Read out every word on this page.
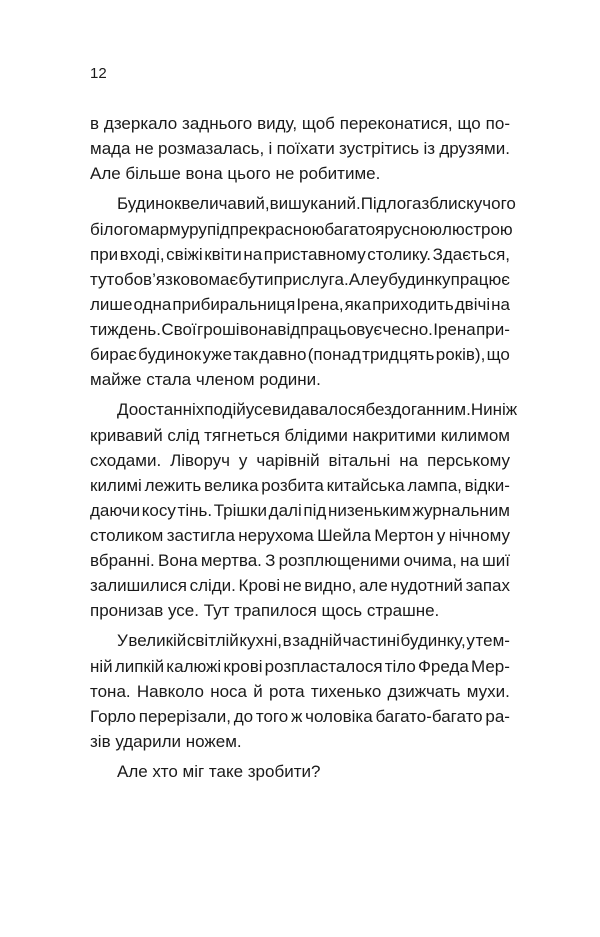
12
в дзеркало заднього виду, щоб переконатися, що по-
мада не розмазалась, і поїхати зустрітись із друзями.
Але більше вона цього не робитиме.
Будинок величавий, вишуканий. Підлога з блискучого
білого мармуру під прекрасною багатоярусною люстрою
при вході, свіжі квіти на приставному столику. Здається,
тут обов’язково має бути прислуга. Але у будинку працює
лише одна прибиральниця Ірена, яка приходить двічі на
тиждень. Свої гроші вона відпрацьовує чесно. Ірена при-
бирає будинок уже так давно (понад тридцять років), що
майже стала членом родини.
До останніх подій усе видавалося бездоганним. Нині ж
кривавий слід тягнеться блідими накритими килимом
сходами. Ліворуч у чарівній вітальні на перському
килимі лежить велика розбита китайська лампа, відки-
даючи косу тінь. Трішки далі під низеньким журнальним
столиком застигла нерухома Шейла Мертон у нічному
вбранні. Вона мертва. З розплющеними очима, на шиї
залишилися сліди. Крові не видно, але нудотний запах
пронизав усе. Тут трапилося щось страшне.
У великій світлій кухні, в задній частині будинку, у тем-
ній липкій калюжі крові розпласталося тіло Фреда Мер-
тона. Навколо носа й рота тихенько дзижчать мухи.
Горло перерізали, до того ж чоловіка багато-багато ра-
зів ударили ножем.
Але хто міг таке зробити?
